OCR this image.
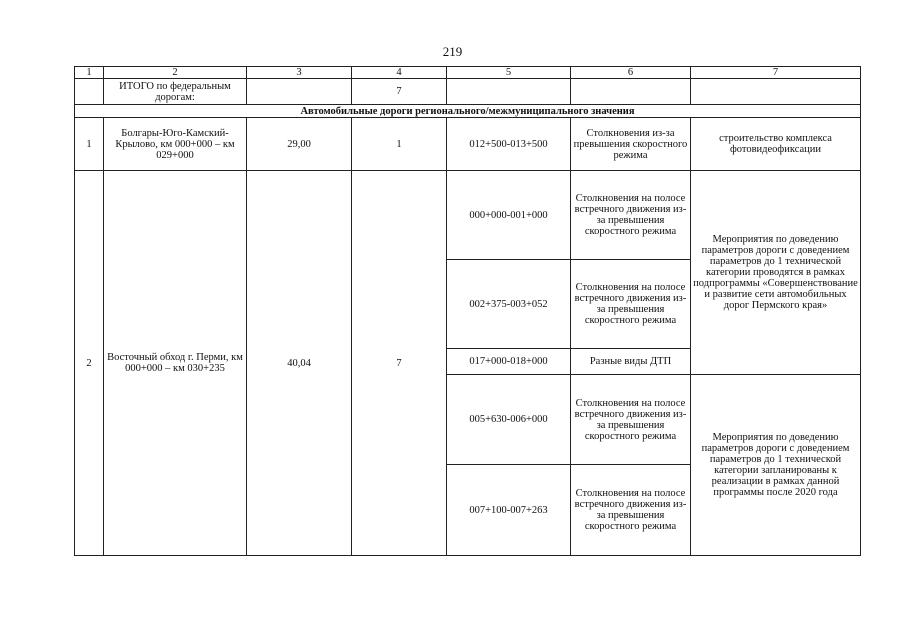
219
1	2	3	4	5	6	7
	ИТОГО по федеральным дорогам:		7			
Автомобильные дороги регионального/межмуниципального значения						
1	Болгары-Юго-Камский-Крылово, км 000+000 – км 029+000	29,00	1	012+500-013+500	Столкновения из-за превышения скоростного режима	строительство комплекса фотовидеофиксации
2	Восточный обход г. Перми, км 000+000 – км 030+235	40,04	7	000+000-001+000	Столкновения на полосе встречного движения из-за превышения скоростного режима	Мероприятия по доведению параметров дороги с доведением параметров до 1 технической категории проводятся в рамках подпрограммы «Совершенствование и развитие сети автомобильных дорог Пермского края»
				002+375-003+052	Столкновения на полосе встречного движения из-за превышения скоростного режима	
				017+000-018+000	Разные виды ДТП	
				005+630-006+000	Столкновения на полосе встречного движения из-за превышения скоростного режима	Мероприятия по доведению параметров дороги с доведением параметров до 1 технической категории запланированы к реализации в рамках данной программы после 2020 года
				007+100-007+263	Столкновения на полосе встречного движения из-за превышения скоростного режима	
